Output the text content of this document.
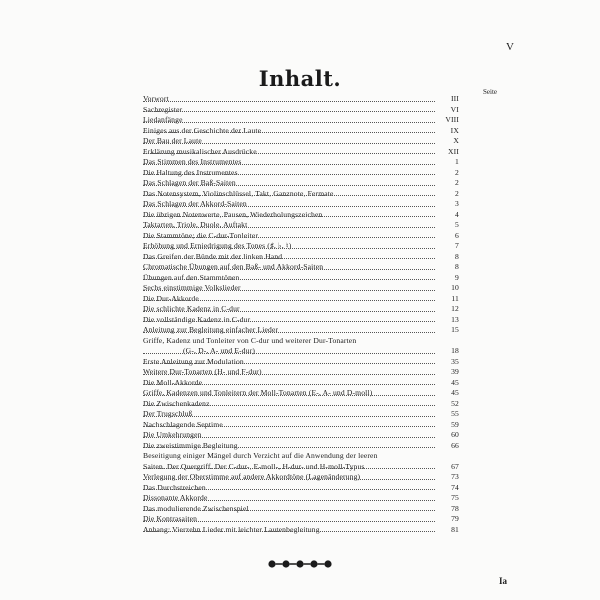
V
Inhalt.
Seite
Vorwort	III
Sachregister	VI
Liedanfänge	VIII
Einiges aus der Geschichte der Laute	IX
Der Bau der Laute	X
Erklärung musikalischer Ausdrücke	XII
Das Stimmen des Instrumentes	1
Die Haltung des Instrumentes	2
Das Schlagen der Baß-Saiten	2
Das Notensystem, Violinschlüssel, Takt, Ganznote, Fermate	2
Das Schlagen der Akkord-Saiten	3
Die übrigen Notenwerte, Pausen, Wiederholungszeichen	4
Taktarten, Triole, Duole, Auftakt	5
Die Stammtöne; die C-dur-Tonleiter	6
Erhöhung und Erniedrigung des Tones (♯, ♭, ♮)	7
Das Greifen der Bünde mit der linken Hand	8
Chromatische Übungen auf den Baß- und Akkord-Saiten	8
Übungen auf den Stammtönen	9
Sechs einstimmige Volkslieder	10
Die Dur-Akkorde	11
Die schlichte Kadenz in C-dur	12
Die vollständige Kadenz in C-dur	13
Anleitung zur Begleitung einfacher Lieder	15
Griffe, Kadenz und Tonleiter von C-dur und weiterer Dur-Tonarten
(G-, D-, A- und E-dur)	18
Erste Anleitung zur Modulation	35
Weitere Dur-Tonarten (H- und F-dur)	39
Die Moll-Akkorde	45
Griffe, Kadenzen und Tonleitern der Moll-Tonarten (E-, A- und D-moll)	45
Die Zwischenkadenz	52
Der Trugschluß	55
Nachschlagende Septime	59
Die Umkehrungen	60
Die zweistimmige Begleitung	66
Beseitigung einiger Mängel durch Verzicht auf die Anwendung der leeren
Saiten. Der Quergriff. Der C-dur-, E-moll-, H-dur- und H-moll-Typus	67
Verlegung der Oberstimme auf andere Akkordtöne (Lagenänderung)	73
Das Durchstreichen	74
Dissonante Akkorde	75
Das modulierende Zwischenspiel	78
Die Kontrasaiten	79
Anhang: Vierzehn Lieder mit leichter Lautenbegleitung	81
Ia
